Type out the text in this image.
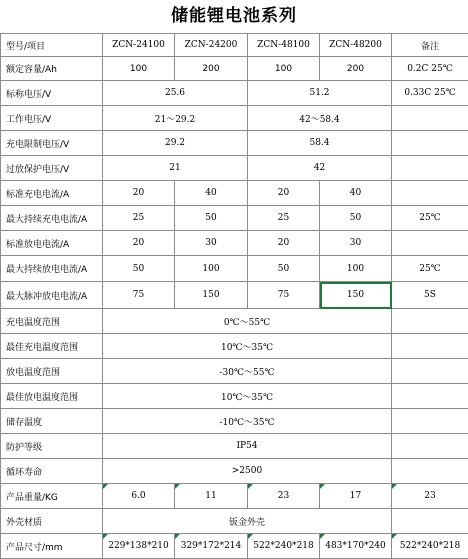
储能锂电池系列
型号/项目	ZCN-24100	ZCN-24200	ZCN-48100	ZCN-48200	备注
额定容量/Ah	100	200	100	200	0.2C 25℃
标称电压/V	25.6		51.2		0.33C 25℃
工作电压/V	21～29.2		42～58.4		
充电限制电压/V	29.2		58.4		
过放保护电压/V	21		42		
标准充电电流/A	20	40	20	40	
最大持续充电电流/A	25	50	25	50	25℃
标准放电电流/A	20	30	20	30	
最大持续放电电流/A	50	100	50	100	25℃
最大脉冲放电电流/A	75	150	75	150	5S
充电温度范围	0℃～55℃				
最佳充电温度范围	10℃～35℃				
放电温度范围	-30℃～55℃				
最佳放电温度范围	10℃～35℃				
储存温度	-10℃～35℃				
防护等级	IP54				
循环寿命	>2500				
产品重量/KG	6.0	11	23	17	23
外壳材质	钣金外壳				
产品尺寸/mm	229*138*210	329*172*214	522*240*218	483*170*240	522*240*218
